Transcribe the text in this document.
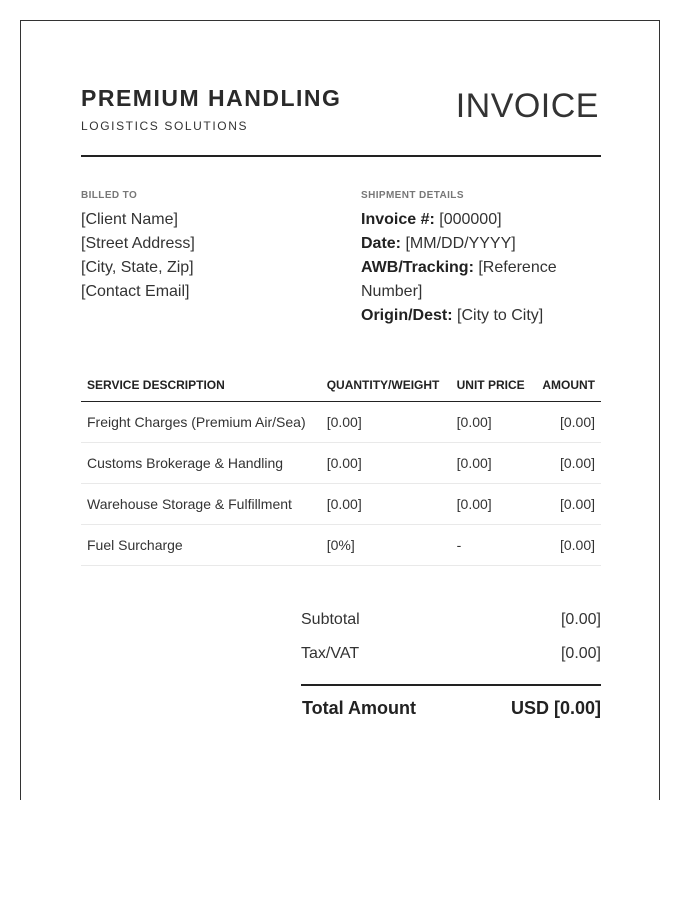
PREMIUM HANDLING
LOGISTICS SOLUTIONS
INVOICE
BILLED TO
[Client Name]
[Street Address]
[City, State, Zip]
[Contact Email]
SHIPMENT DETAILS
Invoice #: [000000]
Date: [MM/DD/YYYY]
AWB/Tracking: [Reference Number]
Origin/Dest: [City to City]
SERVICE DESCRIPTION	QUANTITY/WEIGHT	UNIT PRICE	AMOUNT
Freight Charges (Premium Air/Sea)	[0.00]	[0.00]	[0.00]
Customs Brokerage & Handling	[0.00]	[0.00]	[0.00]
Warehouse Storage & Fulfillment	[0.00]	[0.00]	[0.00]
Fuel Surcharge	[0%]	-	[0.00]
Subtotal	[0.00]
Tax/VAT	[0.00]
Total Amount	USD [0.00]
